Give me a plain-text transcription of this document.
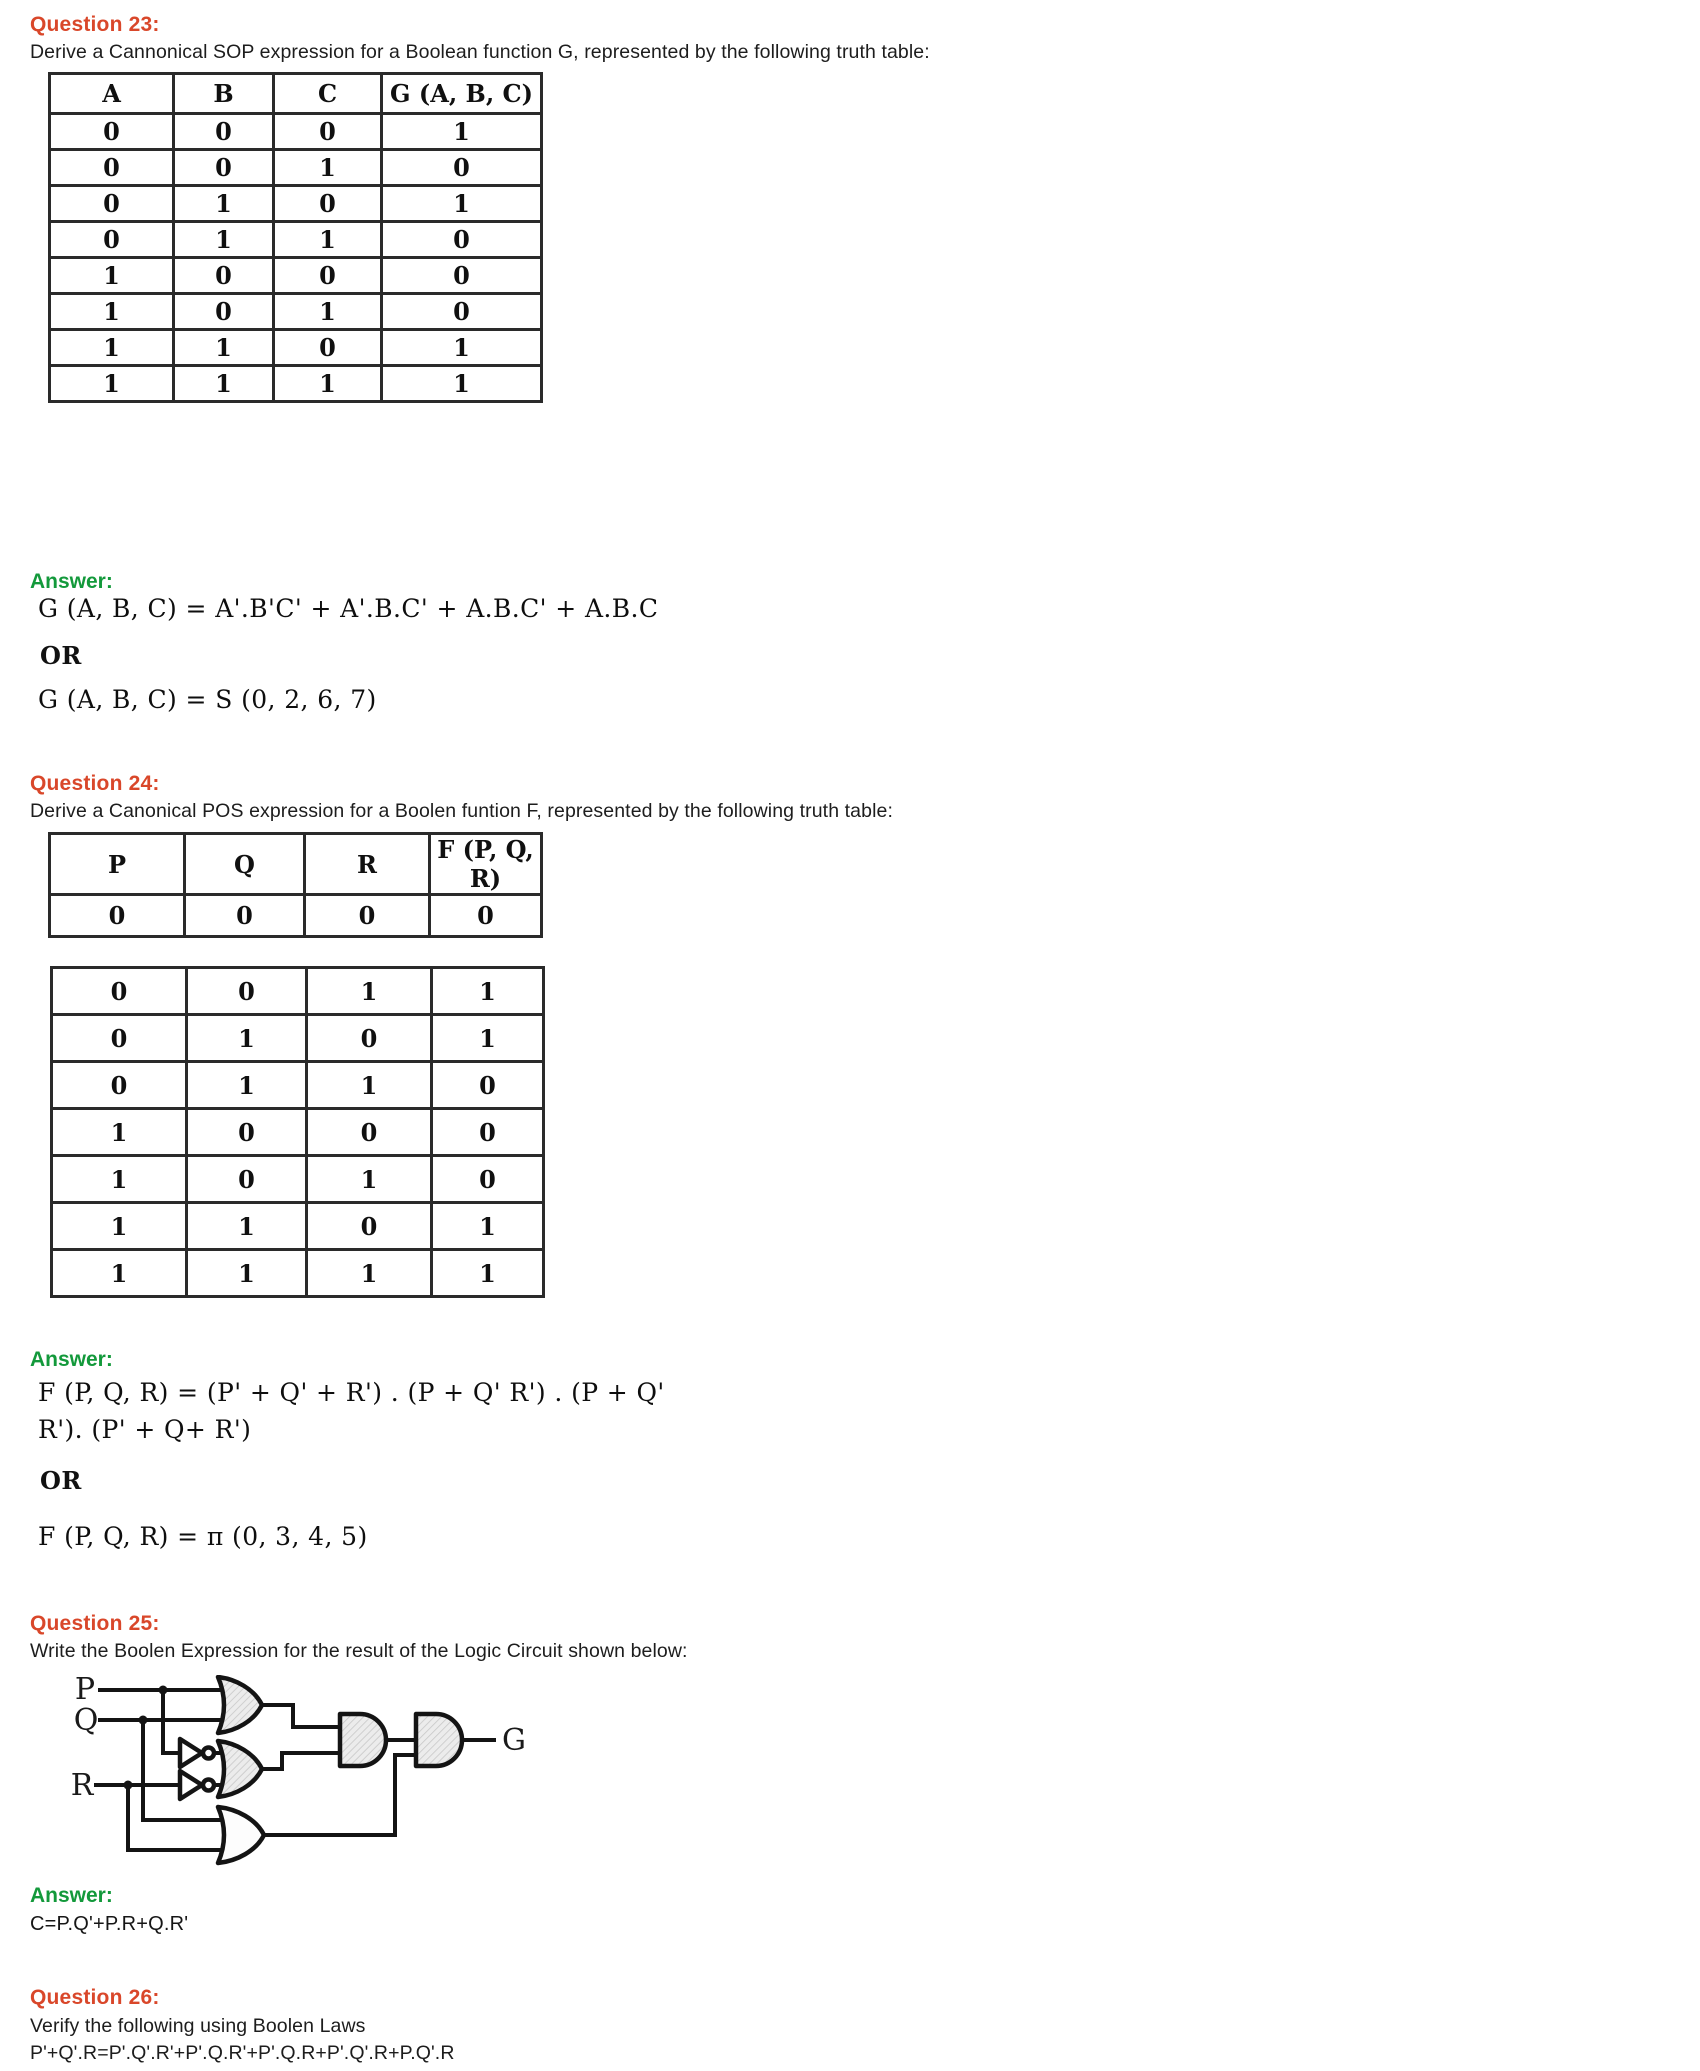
Question 23:
Derive a Cannonical SOP expression for a Boolean function G, represented by the following truth table:
A	B	C	G (A, B, C)
0	0	0	1
0	0	1	0
0	1	0	1
0	1	1	0
1	0	0	0
1	0	1	0
1	1	0	1
1	1	1	1
Answer:
G (A, B, C) = A'.B'C' + A'.B.C' + A.B.C' + A.B.C
OR
G (A, B, C) = S (0, 2, 6, 7)
Question 24:
Derive a Canonical POS expression for a Boolen funtion F, represented by the following truth table:
P	Q	R	F (P, Q, R)
0	0	0	0
0	0	1	1
0	1	0	1
0	1	1	0
1	0	0	0
1	0	1	0
1	1	0	1
1	1	1	1
Answer:
F (P, Q, R) = (P' + Q' + R') . (P + Q' R') . (P + Q'
R'). (P' + Q+ R')
OR
F (P, Q, R) = π (0, 3, 4, 5)
Question 25:
Write the Boolen Expression for the result of the Logic Circuit shown below:
P
Q
R
G
Answer:
C=P.Q'+P.R+Q.R'
Question 26:
Verify the following using Boolen Laws
P'+Q'.R=P'.Q'.R'+P'.Q.R'+P'.Q.R+P'.Q'.R+P.Q'.R
